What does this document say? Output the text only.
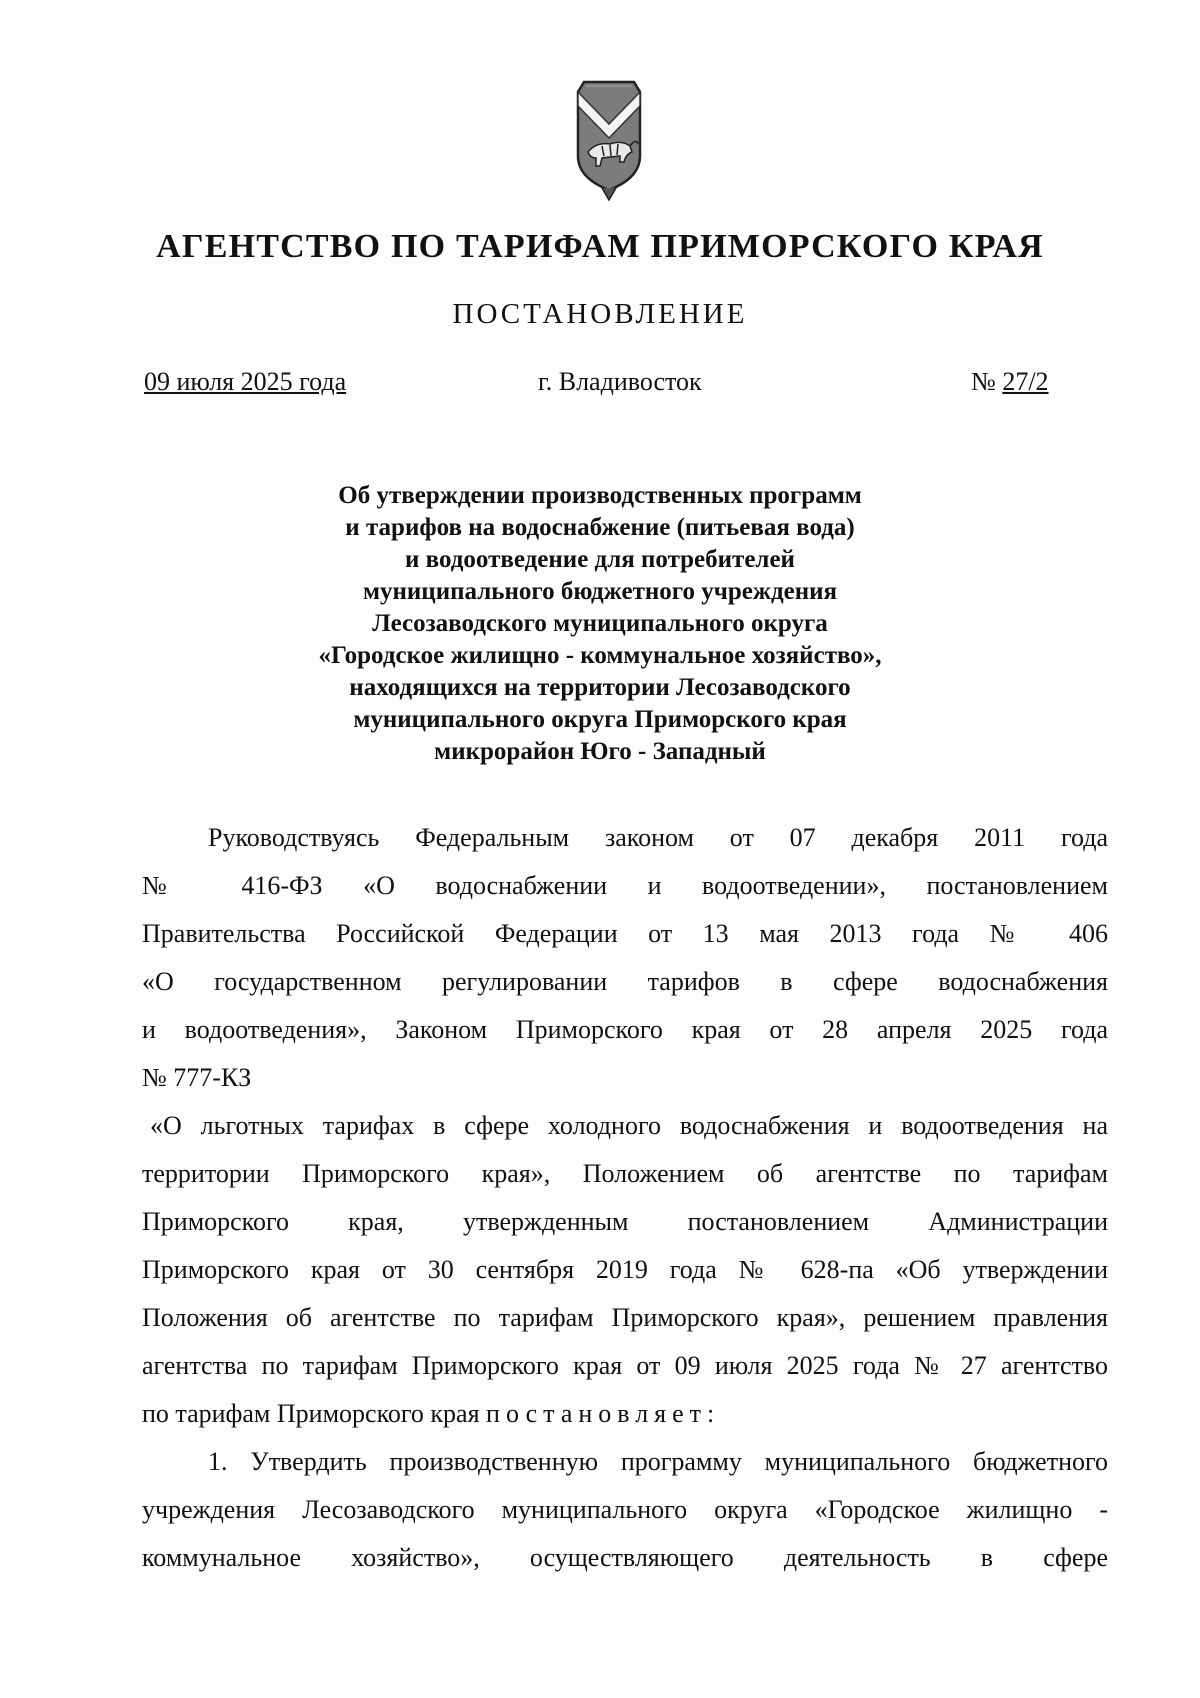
АГЕНТСТВО ПО ТАРИФАМ ПРИМОРСКОГО КРАЯ
ПОСТАНОВЛЕНИЕ
09 июля 2025 года	г. Владивосток	№ 27/2
Об утверждении производственных программ
и тарифов на водоснабжение (питьевая вода)
и водоотведение для потребителей
муниципального бюджетного учреждения
Лесозаводского муниципального округа
«Городское жилищно - коммунальное хозяйство»,
находящихся на территории Лесозаводского
муниципального округа Приморского края
микрорайон Юго - Западный
Руководствуясь Федеральным законом от 07 декабря 2011 года
№ 416-ФЗ «О водоснабжении и водоотведении», постановлением
Правительства Российской Федерации от 13 мая 2013 года № 406
«О государственном регулировании тарифов в сфере водоснабжения
и водоотведения», Законом Приморского края от 28 апреля 2025 года
№ 777-КЗ
«О льготных тарифах в сфере холодного водоснабжения и водоотведения на
территории Приморского края», Положением об агентстве по тарифам
Приморского края, утвержденным постановлением Администрации
Приморского края от 30 сентября 2019 года № 628-па «Об утверждении
Положения об агентстве по тарифам Приморского края», решением правления
агентства по тарифам Приморского края от 09 июля 2025 года № 27 агентство
по тарифам Приморского края постановляет:
1. Утвердить производственную программу муниципального бюджетного
учреждения Лесозаводского муниципального округа «Городское жилищно -
коммунальное хозяйство», осуществляющего деятельность в сфере
